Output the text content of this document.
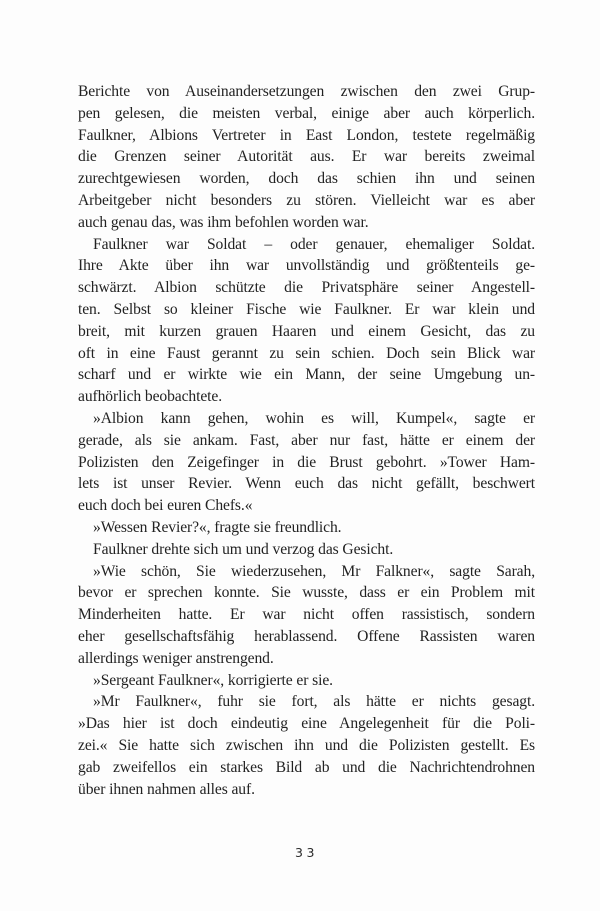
Berichte von Auseinandersetzungen zwischen den zwei Grup-
pen gelesen, die meisten verbal, einige aber auch körperlich.
Faulkner, Albions Vertreter in East London, testete regelmäßig
die Grenzen seiner Autorität aus. Er war bereits zweimal
zurechtgewiesen worden, doch das schien ihn und seinen
Arbeitgeber nicht besonders zu stören. Vielleicht war es aber
auch genau das, was ihm befohlen worden war.
Faulkner war Soldat – oder genauer, ehemaliger Soldat.
Ihre Akte über ihn war unvollständig und größtenteils ge-
schwärzt. Albion schützte die Privatsphäre seiner Angestell-
ten. Selbst so kleiner Fische wie Faulkner. Er war klein und
breit, mit kurzen grauen Haaren und einem Gesicht, das zu
oft in eine Faust gerannt zu sein schien. Doch sein Blick war
scharf und er wirkte wie ein Mann, der seine Umgebung un-
aufhörlich beobachtete.
»Albion kann gehen, wohin es will, Kumpel«, sagte er
gerade, als sie ankam. Fast, aber nur fast, hätte er einem der
Polizisten den Zeigefinger in die Brust gebohrt. »Tower Ham-
lets ist unser Revier. Wenn euch das nicht gefällt, beschwert
euch doch bei euren Chefs.«
»Wessen Revier?«, fragte sie freundlich.
Faulkner drehte sich um und verzog das Gesicht.
»Wie schön, Sie wiederzusehen, Mr Falkner«, sagte Sarah,
bevor er sprechen konnte. Sie wusste, dass er ein Problem mit
Minderheiten hatte. Er war nicht offen rassistisch, sondern
eher gesellschaftsfähig herablassend. Offene Rassisten waren
allerdings weniger anstrengend.
»Sergeant Faulkner«, korrigierte er sie.
»Mr Faulkner«, fuhr sie fort, als hätte er nichts gesagt.
»Das hier ist doch eindeutig eine Angelegenheit für die Poli-
zei.« Sie hatte sich zwischen ihn und die Polizisten gestellt. Es
gab zweifellos ein starkes Bild ab und die Nachrichtendrohnen
über ihnen nahmen alles auf.
33
